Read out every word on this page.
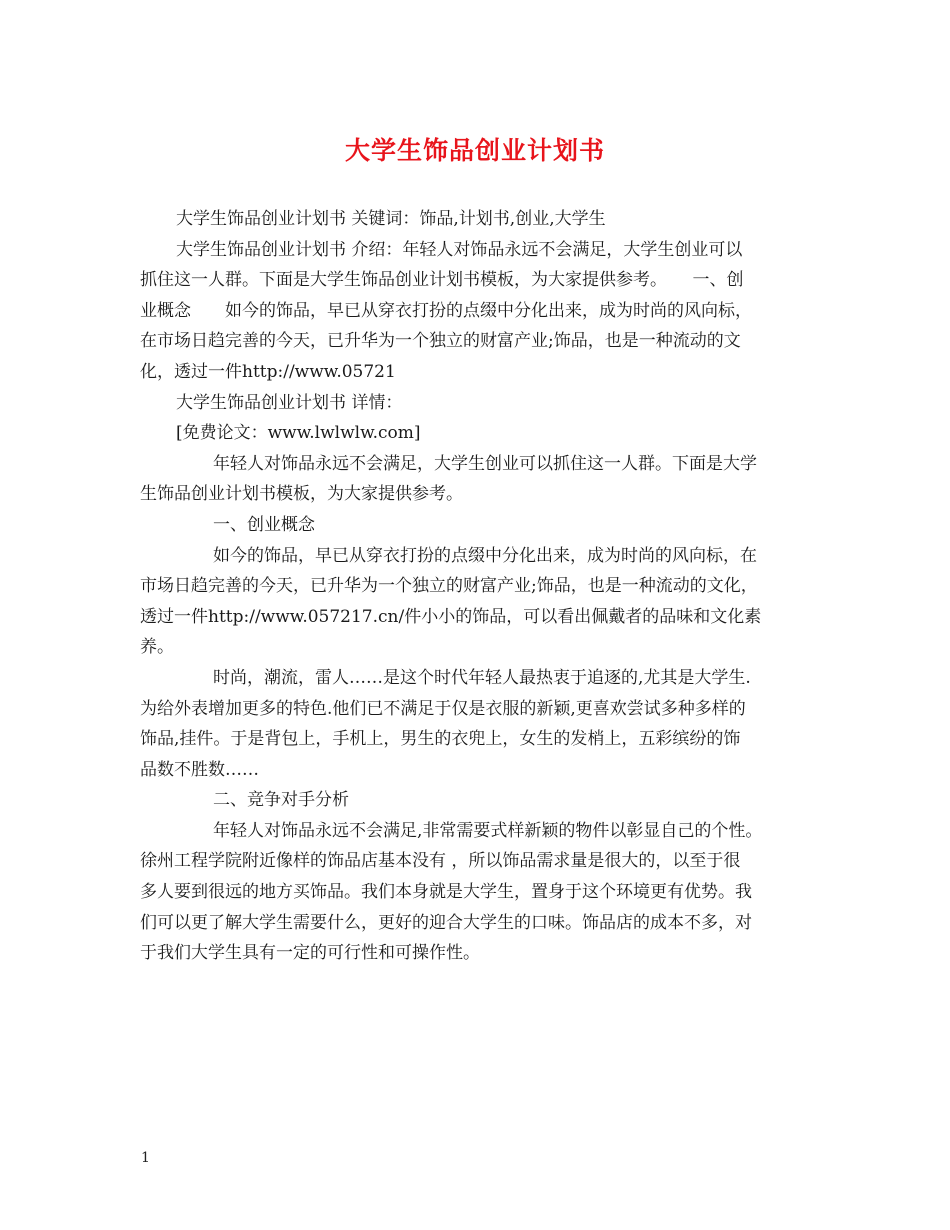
大学生饰品创业计划书

大学生饰品创业计划书 关键词：饰品,计划书,创业,大学生

大学生饰品创业计划书 介绍：年轻人对饰品永远不会满足，大学生创业可以
抓住这一人群。下面是大学生饰品创业计划书模板，为大家提供参考。　　一、创
业概念　　如今的饰品，早已从穿衣打扮的点缀中分化出来，成为时尚的风向标，
在市场日趋完善的今天，已升华为一个独立的财富产业;饰品，也是一种流动的文
化，透过一件http://www.05721

大学生饰品创业计划书 详情：

[免费论文：www.lwlwlw.com]

年轻人对饰品永远不会满足，大学生创业可以抓住这一人群。下面是大学
生饰品创业计划书模板，为大家提供参考。

一、创业概念

如今的饰品，早已从穿衣打扮的点缀中分化出来，成为时尚的风向标，在
市场日趋完善的今天，已升华为一个独立的财富产业;饰品，也是一种流动的文化，
透过一件http://www.057217.cn/件小小的饰品，可以看出佩戴者的品味和文化素
养。

时尚，潮流，雷人……是这个时代年轻人最热衷于追逐的,尤其是大学生.
为给外表增加更多的特色.他们已不满足于仅是衣服的新颖,更喜欢尝试多种多样的
饰品,挂件。于是背包上，手机上，男生的衣兜上，女生的发梢上，五彩缤纷的饰
品数不胜数……

二、竞争对手分析

年轻人对饰品永远不会满足,非常需要式样新颖的物件以彰显自己的个性。
徐州工程学院附近像样的饰品店基本没有 ，所以饰品需求量是很大的，以至于很
多人要到很远的地方买饰品。我们本身就是大学生，置身于这个环境更有优势。我
们可以更了解大学生需要什么，更好的迎合大学生的口味。饰品店的成本不多，对
于我们大学生具有一定的可行性和可操作性。

1
